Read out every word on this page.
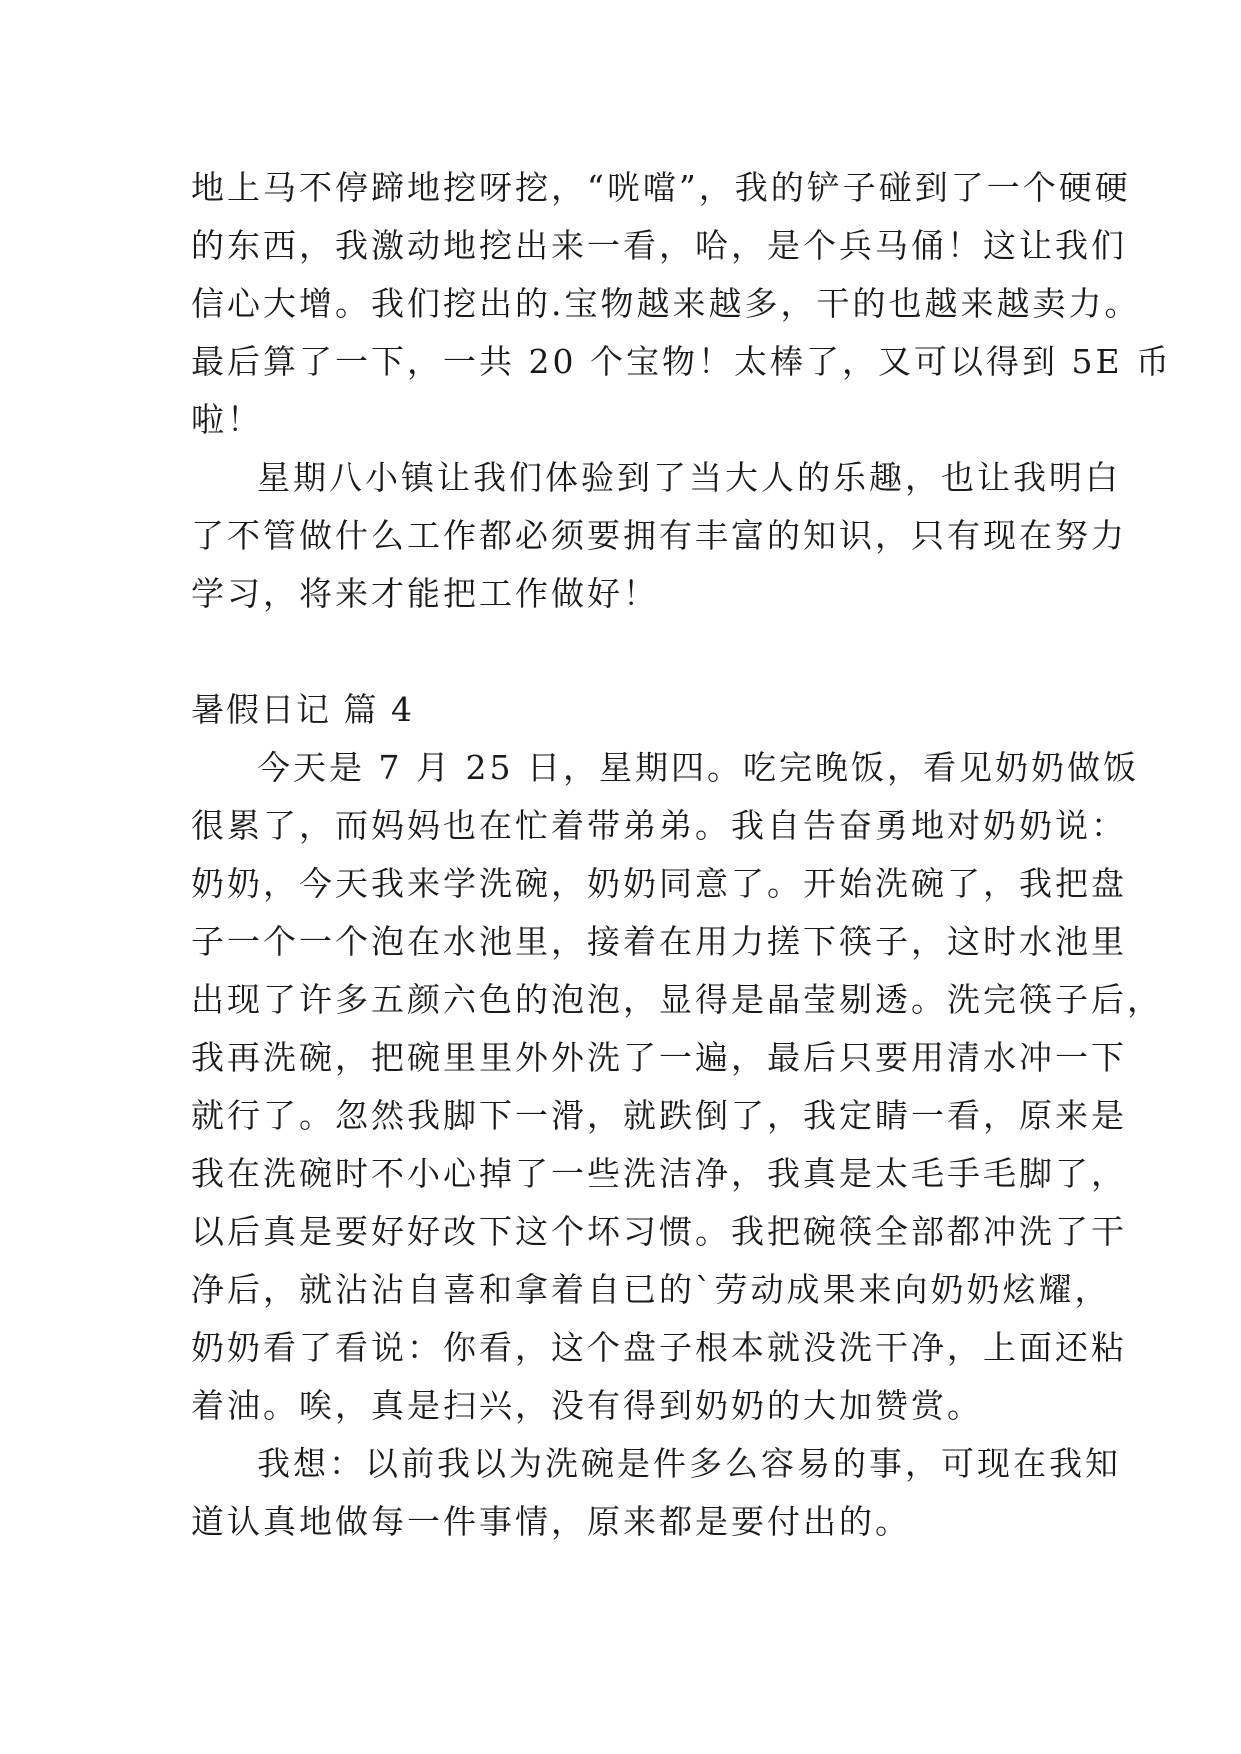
地上马不停蹄地挖呀挖，“咣噹”，我的铲子碰到了一个硬硬
的东西，我激动地挖出来一看，哈，是个兵马俑！这让我们
信心大增。我们挖出的.宝物越来越多，干的也越来越卖力。
最后算了一下，一共 20 个宝物！太棒了，又可以得到 5E 币
啦！
星期八小镇让我们体验到了当大人的乐趣，也让我明白
了不管做什么工作都必须要拥有丰富的知识，只有现在努力
学习，将来才能把工作做好！
暑假日记 篇 4
今天是 7 月 25 日，星期四。吃完晚饭，看见奶奶做饭
很累了，而妈妈也在忙着带弟弟。我自告奋勇地对奶奶说：
奶奶，今天我来学洗碗，奶奶同意了。开始洗碗了，我把盘
子一个一个泡在水池里，接着在用力搓下筷子，这时水池里
出现了许多五颜六色的泡泡，显得是晶莹剔透。洗完筷子后，
我再洗碗，把碗里里外外洗了一遍，最后只要用清水冲一下
就行了。忽然我脚下一滑，就跌倒了，我定睛一看，原来是
我在洗碗时不小心掉了一些洗洁净，我真是太毛手毛脚了，
以后真是要好好改下这个坏习惯。我把碗筷全部都冲洗了干
净后，就沾沾自喜和拿着自已的`劳动成果来向奶奶炫耀，
奶奶看了看说：你看，这个盘子根本就没洗干净，上面还粘
着油。唉，真是扫兴，没有得到奶奶的大加赞赏。
我想：以前我以为洗碗是件多么容易的事，可现在我知
道认真地做每一件事情，原来都是要付出的。
